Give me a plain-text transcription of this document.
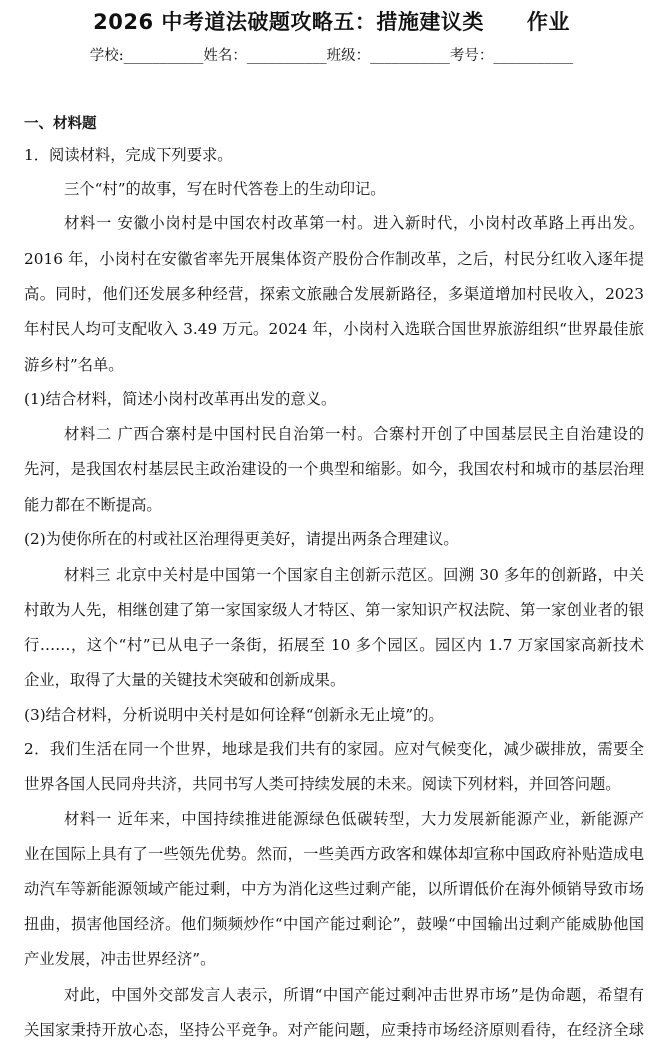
2026 中考道法破题攻略五：措施建议类　　作业
学校:___________姓名：___________班级：___________考号：___________
一、材料题
1．阅读材料，完成下列要求。
三个“村”的故事，写在时代答卷上的生动印记。
材料一 安徽小岗村是中国农村改革第一村。进入新时代，小岗村改革路上再出发。
2016 年，小岗村在安徽省率先开展集体资产股份合作制改革，之后，村民分红收入逐年提
高。同时，他们还发展多种经营，探索文旅融合发展新路径，多渠道增加村民收入，2023
年村民人均可支配收入 3.49 万元。2024 年，小岗村入选联合国世界旅游组织“世界最佳旅
游乡村”名单。
(1)结合材料，简述小岗村改革再出发的意义。
材料二 广西合寨村是中国村民自治第一村。合寨村开创了中国基层民主自治建设的
先河，是我国农村基层民主政治建设的一个典型和缩影。如今，我国农村和城市的基层治理
能力都在不断提高。
(2)为使你所在的村或社区治理得更美好，请提出两条合理建议。
材料三 北京中关村是中国第一个国家自主创新示范区。回溯 30 多年的创新路，中关
村敢为人先，相继创建了第一家国家级人才特区、第一家知识产权法院、第一家创业者的银
行……，这个“村”已从电子一条街，拓展至 10 多个园区。园区内 1.7 万家国家高新技术
企业，取得了大量的关键技术突破和创新成果。
(3)结合材料，分析说明中关村是如何诠释“创新永无止境”的。
2．我们生活在同一个世界，地球是我们共有的家园。应对气候变化，减少碳排放，需要全
世界各国人民同舟共济，共同书写人类可持续发展的未来。阅读下列材料，并回答问题。
材料一 近年来，中国持续推进能源绿色低碳转型，大力发展新能源产业，新能源产
业在国际上具有了一些领先优势。然而，一些美西方政客和媒体却宣称中国政府补贴造成电
动汽车等新能源领域产能过剩，中方为消化这些过剩产能，以所谓低价在海外倾销导致市场
扭曲，损害他国经济。他们频频炒作“中国产能过剩论”，鼓噪“中国输出过剩产能威胁他国
产业发展，冲击世界经济”。
对此，中国外交部发言人表示，所谓“中国产能过剩冲击世界市场”是伪命题，希望有
关国家秉持开放心态，坚持公平竞争。对产能问题，应秉持市场经济原则看待，在经济全球
